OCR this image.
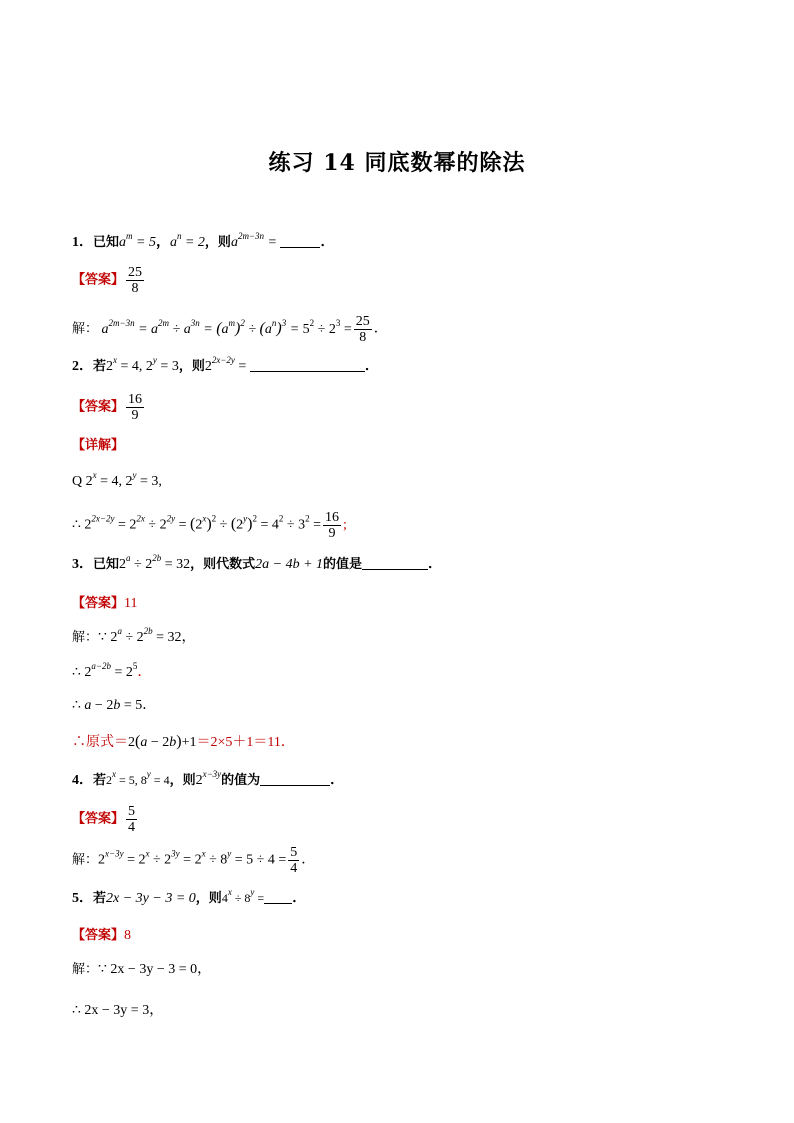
练习 14 同底数幂的除法
1．已知$a^m = 5$，$a^n = 2$，则$a^{2m-3n}$ =	．
【答案】 $\frac{25}{8}$
解： $a^{2m-3n} = a^{2m} \div a^{3n} = (a^m)^2 \div (a^n)^3 = 5^2 \div 2^3 = \frac{25}{8}$ ．
2．若$2^x = 4$, $2^y = 3$，则$2^{2x-2y}$ =	．
【答案】 $\frac{16}{9}$
【详解】
Q $2^x = 4$, $2^y = 3$,
∴ $2^{2x-2y} = 2^{2x} \div 2^{2y} = (2^x)^2 \div (2^y)^2 = 4^2 \div 3^2 = \frac{16}{9}$ ;
3．已知$2^a \div 2^{2b} = 32$，则代数式2a − 4b + 1的值是	．
【答案】11
解：∵ $2^a \div 2^{2b} = 32$，
∴ $2^{a-2b} = 2^5$．
∴ a − 2b = 5．
∴原式＝2(a − 2b)+1＝2×5＋1＝11．
4．若$2^x = 5$, $8^y = 4$，则$2^{x-3y}$的值为	．
【答案】 $\frac{5}{4}$
解：$2^{x-3y} = 2^x \div 2^{3y} = 2^x \div 8^y = 5 \div 4 = \frac{5}{4}$ ．
5．若2x − 3y − 3 = 0，则$4^x \div 8^y$ = ．
【答案】8
解：∵ 2x − 3y − 3 = 0，
∴ 2x − 3y = 3，
